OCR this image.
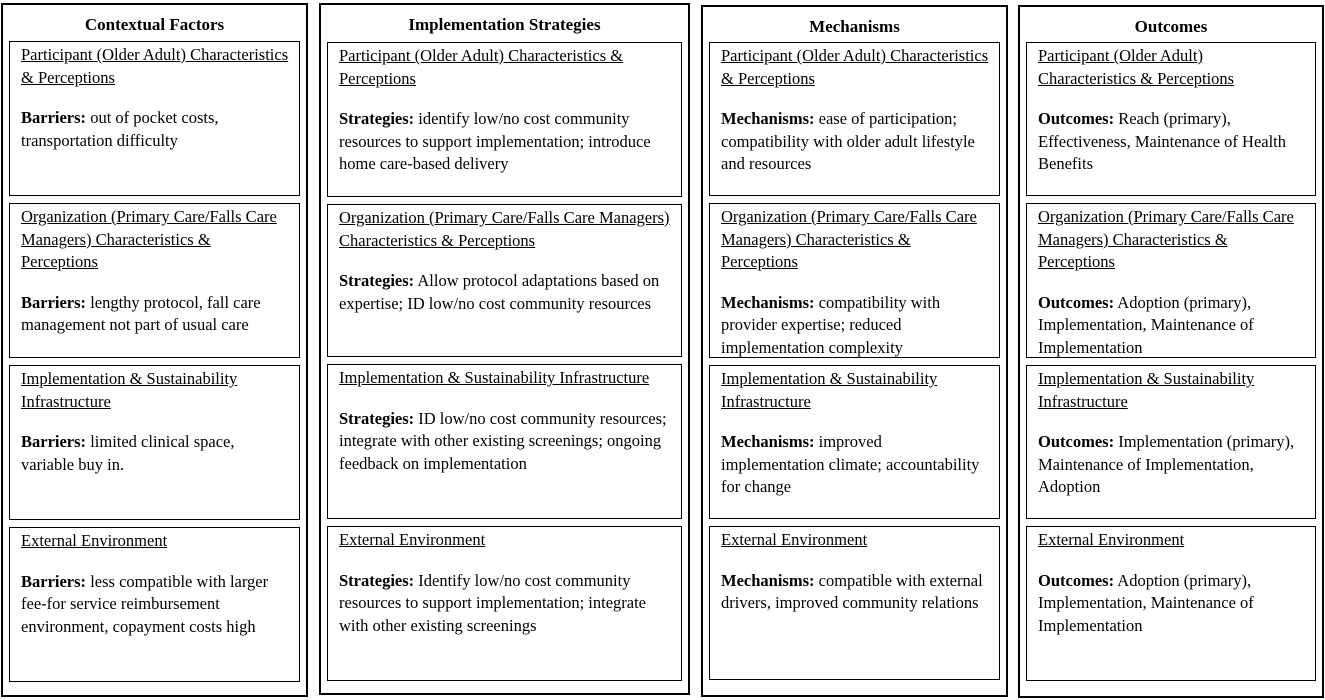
Contextual Factors
Participant (Older Adult) Characteristics & Perceptions
Barriers: out of pocket costs, transportation difficulty
Organization (Primary Care/Falls Care Managers) Characteristics & Perceptions
Barriers: lengthy protocol, fall care management not part of usual care
Implementation & Sustainability Infrastructure
Barriers: limited clinical space, variable buy in.
External Environment
Barriers: less compatible with larger fee-for service reimbursement environment, copayment costs high
Implementation Strategies
Participant (Older Adult) Characteristics & Perceptions
Strategies: identify low/no cost community resources to support implementation; introduce home care-based delivery
Organization (Primary Care/Falls Care Managers) Characteristics & Perceptions
Strategies: Allow protocol adaptations based on expertise; ID low/no cost community resources
Implementation & Sustainability Infrastructure
Strategies: ID low/no cost community resources; integrate with other existing screenings; ongoing feedback on implementation
External Environment
Strategies: Identify low/no cost community resources to support implementation; integrate with other existing screenings
Mechanisms
Participant (Older Adult) Characteristics & Perceptions
Mechanisms: ease of participation; compatibility with older adult lifestyle and resources
Organization (Primary Care/Falls Care Managers) Characteristics & Perceptions
Mechanisms: compatibility with provider expertise; reduced implementation complexity
Implementation & Sustainability Infrastructure
Mechanisms: improved implementation climate; accountability for change
External Environment
Mechanisms: compatible with external drivers, improved community relations
Outcomes
Participant (Older Adult) Characteristics & Perceptions
Outcomes: Reach (primary), Effectiveness, Maintenance of Health Benefits
Organization (Primary Care/Falls Care Managers) Characteristics & Perceptions
Outcomes: Adoption (primary), Implementation, Maintenance of Implementation
Implementation & Sustainability Infrastructure
Outcomes: Implementation (primary), Maintenance of Implementation, Adoption
External Environment
Outcomes: Adoption (primary), Implementation, Maintenance of Implementation
